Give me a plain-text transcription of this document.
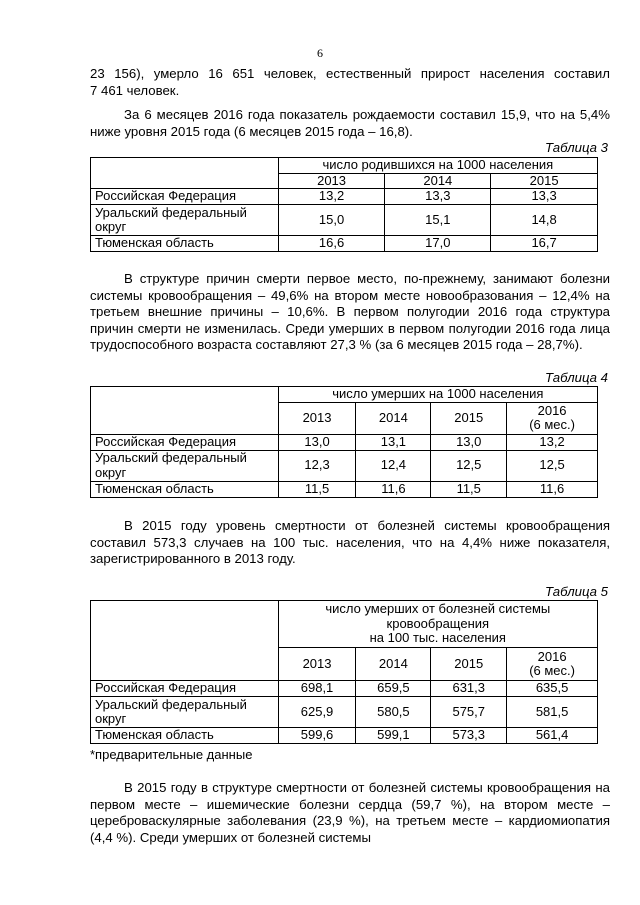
6
23 156), умерло 16 651 человек, естественный прирост населения составил
7 461 человек.

За 6 месяцев 2016 года показатель рождаемости составил 15,9, что на 5,4% ниже уровня 2015 года (6 месяцев 2015 года – 16,8).

Таблица 3
	число родившихся на 1000 населения		
	2013	2014	2015
Российская Федерация	13,2	13,3	13,3
Уральский федеральный округ	15,0	15,1	14,8
Тюменская область	16,6	17,0	16,7

В структуре причин смерти первое место, по-прежнему, занимают болезни системы кровообращения – 49,6% на втором месте новообразования – 12,4% на третьем внешние причины – 10,6%. В первом полугодии 2016 года структура причин смерти не изменилась. Среди умерших в первом полугодии 2016 года лица трудоспособного возраста составляют 27,3 % (за 6 месяцев 2015 года – 28,7%).

Таблица 4
	число умерших на 1000 населения			
	2013	2014	2015	2016
(6 мес.)

Российская Федерация	13,0	13,1	13,0	13,2
Уральский федеральный округ	12,3	12,4	12,5	12,5
Тюменская область	11,5	11,6	11,5	11,6

В 2015 году уровень смертности от болезней системы кровообращения составил 573,3 случаев на 100 тыс. населения, что на 4,4% ниже показателя, зарегистрированного в 2013 году.

Таблица 5

	число умерших от болезней системы
кровообращения
на 100 тыс. населения			

	2013	2014	2015	2016
(6 мес.)

Российская Федерация	698,1	659,5	631,3	635,5
Уральский федеральный округ	625,9	580,5	575,7	581,5
Тюменская область	599,6	599,1	573,3	561,4
*предварительные данные

В 2015 году в структуре смертности от болезней системы кровообращения на первом месте – ишемические болезни сердца (59,7 %), на втором месте – цереброваскулярные заболевания (23,9 %), на третьем месте – кардиомиопатия (4,4 %). Среди умерших от болезней системы
